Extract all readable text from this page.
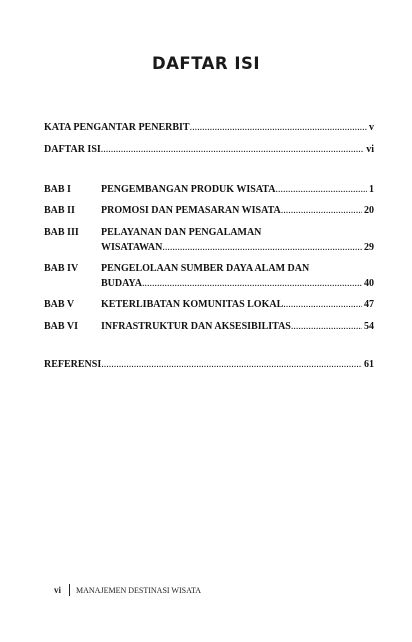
DAFTAR ISI
KATA PENGANTAR PENERBIT .....	v
DAFTAR ISI .....	vi
BAB I	PENGEMBANGAN PRODUK WISATA .....	1
BAB II	PROMOSI DAN PEMASARAN WISATA .....	20
BAB III	PELAYANAN DAN PENGALAMAN
WISATAWAN .....	29
BAB IV	PENGELOLAAN SUMBER DAYA ALAM DAN
BUDAYA .....	40
BAB V	KETERLIBATAN KOMUNITAS LOKAL .....	47
BAB VI	INFRASTRUKTUR DAN AKSESIBILITAS .....	54
REFERENSI .....	61
vi MANAJEMEN DESTINASI WISATA
